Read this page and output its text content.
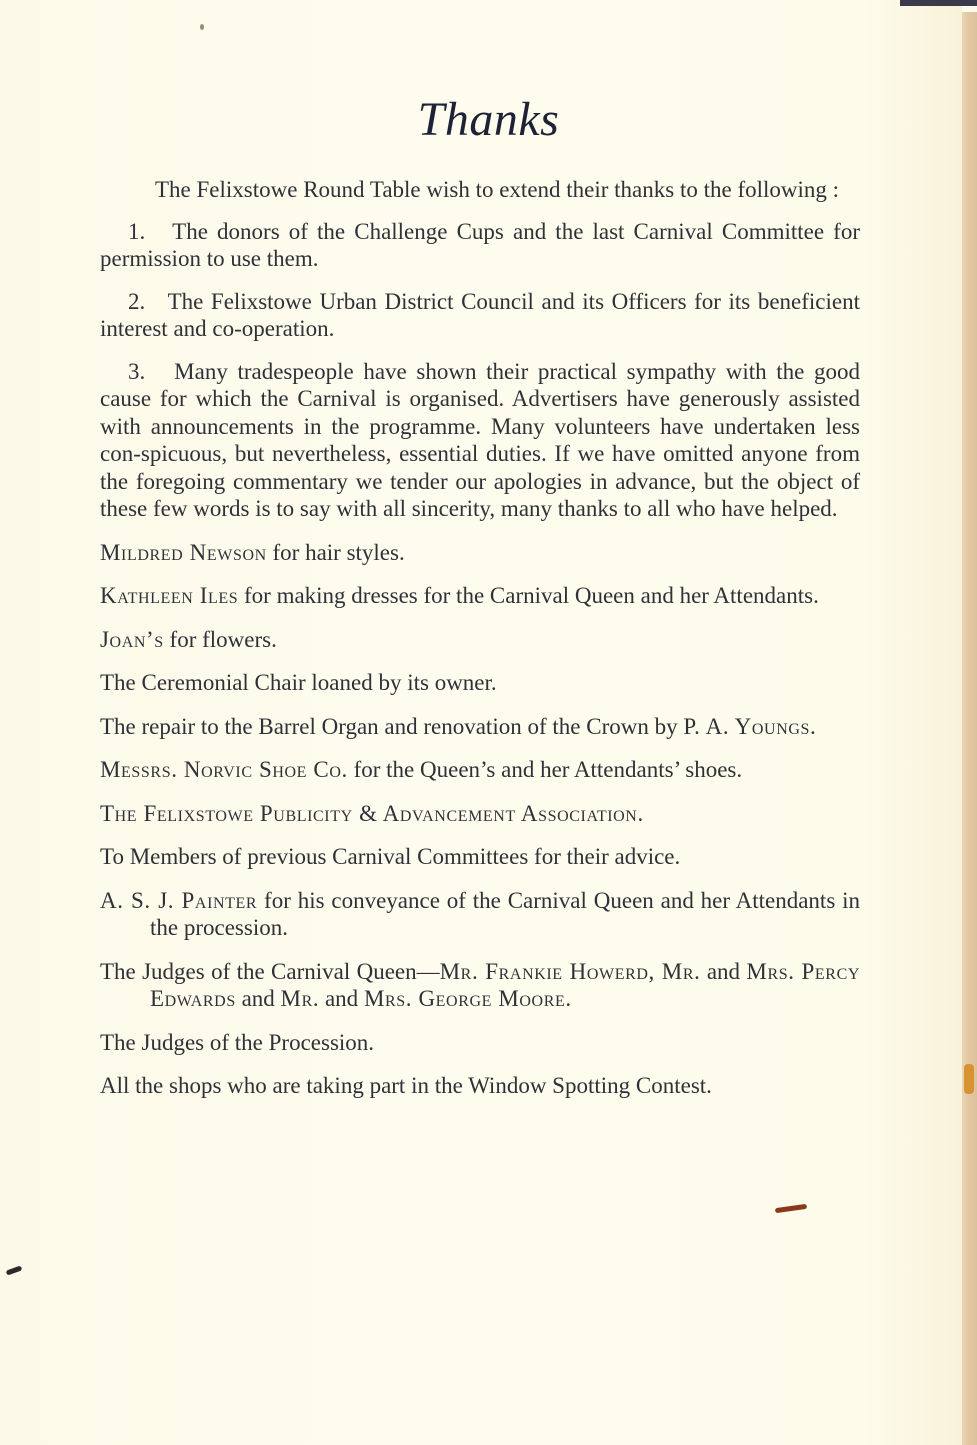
Thanks

The Felixstowe Round Table wish to extend their thanks to the following :

1. The donors of the Challenge Cups and the last Carnival Committee for permission to use them.

2. The Felixstowe Urban District Council and its Officers for its beneficient interest and co-operation.

3. Many tradespeople have shown their practical sympathy with the good cause for which the Carnival is organised. Advertisers have generously assisted with announcements in the programme. Many volunteers have undertaken less con-spicuous, but nevertheless, essential duties. If we have omitted anyone from the foregoing commentary we tender our apologies in advance, but the object of these few words is to say with all sincerity, many thanks to all who have helped.

Mildred Newson for hair styles.

Kathleen Iles for making dresses for the Carnival Queen and her Attendants.

Joan’s for flowers.

The Ceremonial Chair loaned by its owner.

The repair to the Barrel Organ and renovation of the Crown by P. A. Youngs.

Messrs. Norvic Shoe Co. for the Queen’s and her Attendants’ shoes.

The Felixstowe Publicity & Advancement Association.

To Members of previous Carnival Committees for their advice.

A. S. J. Painter for his conveyance of the Carnival Queen and her Attendants in the procession.

The Judges of the Carnival Queen—Mr. Frankie Howerd, Mr. and Mrs. Percy Edwards and Mr. and Mrs. George Moore.

The Judges of the Procession.

All the shops who are taking part in the Window Spotting Contest.
